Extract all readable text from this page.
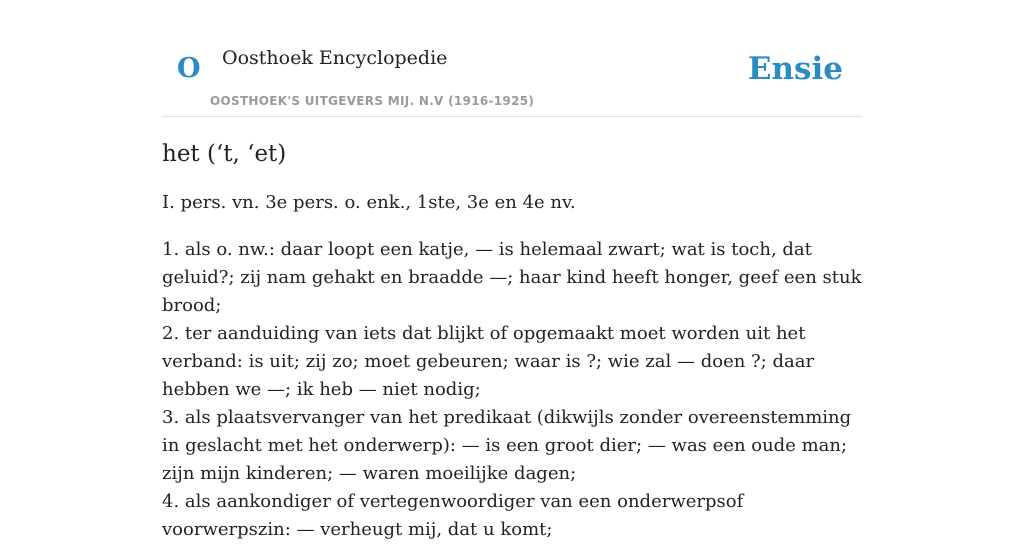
O Oosthoek Encyclopedie
OOSTHOEK'S UITGEVERS MIJ. N.V (1916-1925)
Ensie
het (‘t, ‘et)
I. pers. vn. 3e pers. o. enk., 1ste, 3e en 4e nv.
1. als o. nw.: daar loopt een katje, — is helemaal zwart; wat is toch, dat geluid?; zij nam gehakt en braadde —; haar kind heeft honger, geef een stuk brood;
2. ter aanduiding van iets dat blijkt of opgemaakt moet worden uit het verband: is uit; zij zo; moet gebeuren; waar is ?; wie zal — doen ?; daar hebben we —; ik heb — niet nodig;
3. als plaatsvervanger van het predikaat (dikwijls zonder overeenstemming in geslacht met het onderwerp): — is een groot dier; — was een oude man; zijn mijn kinderen; — waren moeilijke dagen;
4. als aankondiger of vertegenwoordiger van een onderwerpsof voorwerpszin: — verheugt mij, dat u komt;
